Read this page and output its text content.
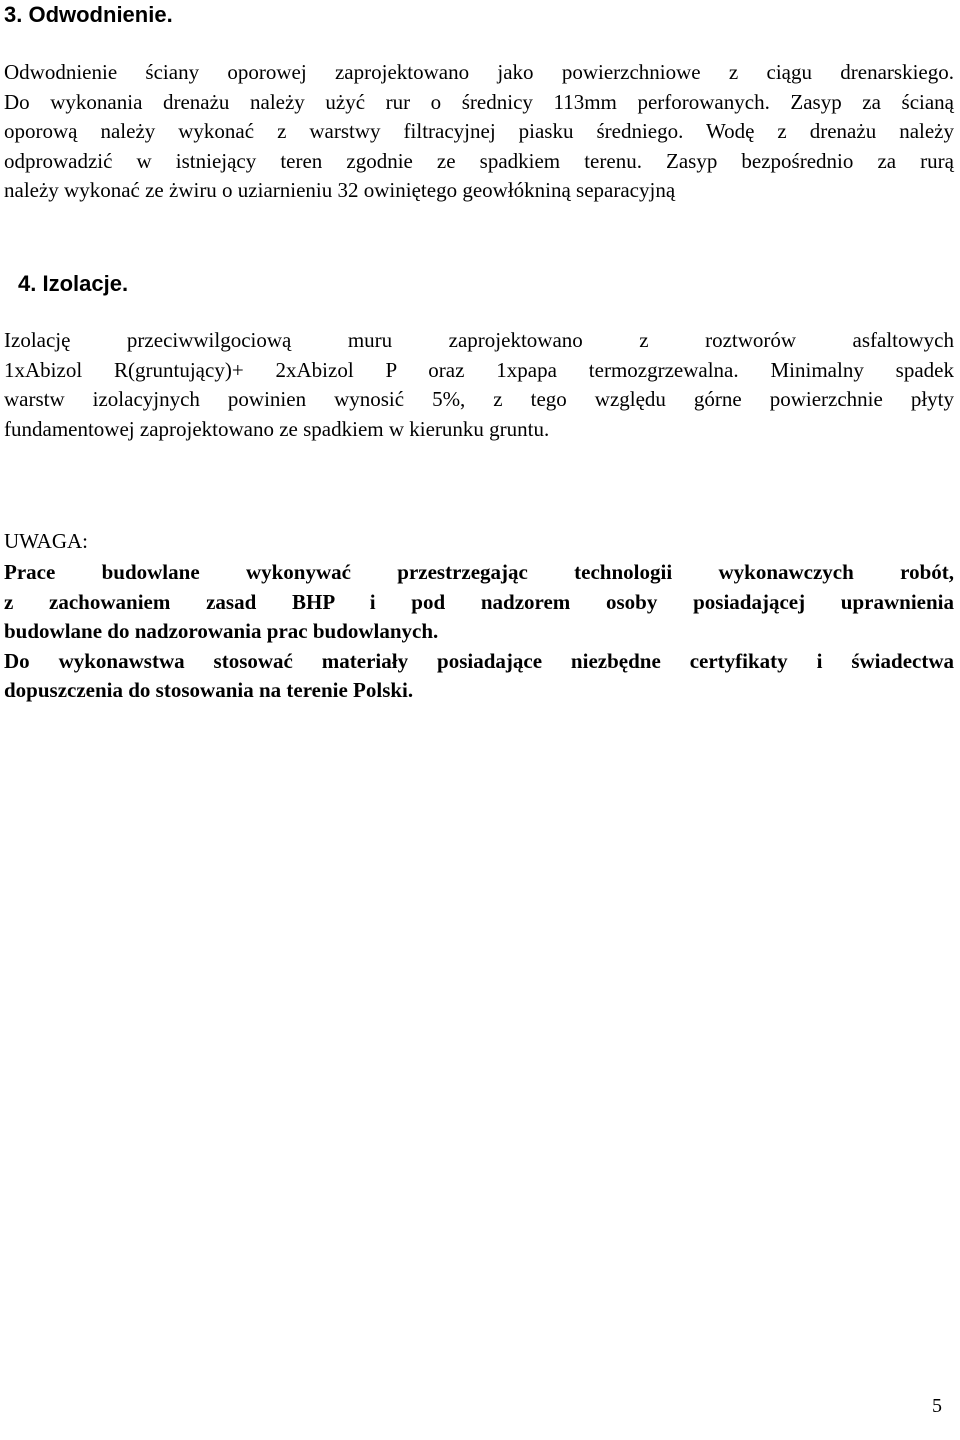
3. Odwodnienie.
Odwodnienie ściany oporowej zaprojektowano jako powierzchniowe z ciągu drenarskiego.
Do wykonania drenażu należy użyć rur o średnicy 113mm perforowanych. Zasyp za ścianą
oporową należy wykonać z warstwy filtracyjnej piasku średniego. Wodę z drenażu należy
odprowadzić w istniejący teren zgodnie ze spadkiem terenu. Zasyp bezpośrednio za rurą
należy wykonać ze żwiru o uziarnieniu 32 owiniętego geowłókniną separacyjną
4. Izolacje.
Izolację przeciwwilgociową muru zaprojektowano z roztworów asfaltowych
1xAbizol R(gruntujący)+ 2xAbizol P oraz 1xpapa termozgrzewalna. Minimalny spadek
warstw izolacyjnych powinien wynosić 5%, z tego względu górne powierzchnie płyty
fundamentowej zaprojektowano ze spadkiem w kierunku gruntu.
UWAGA:
Prace budowlane wykonywać przestrzegając technologii wykonawczych robót,
z zachowaniem zasad BHP i pod nadzorem osoby posiadającej uprawnienia
budowlane do nadzorowania prac budowlanych.
Do wykonawstwa stosować materiały posiadające niezbędne certyfikaty i świadectwa
dopuszczenia do stosowania na terenie Polski.
5
